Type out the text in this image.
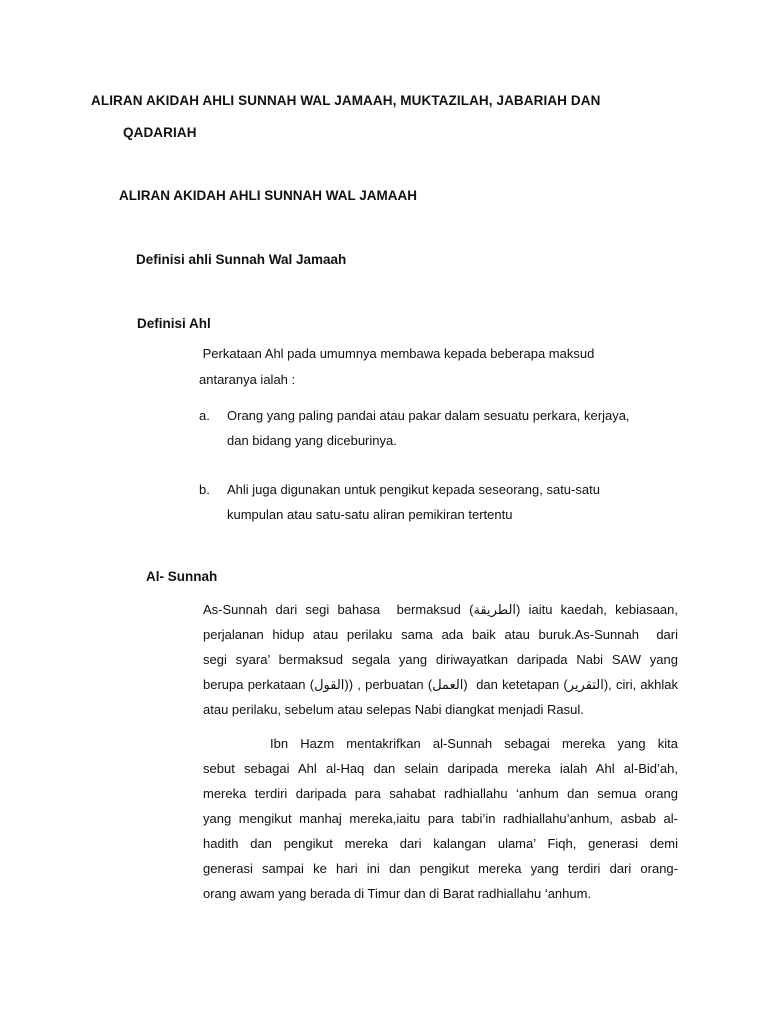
ALIRAN AKIDAH AHLI SUNNAH WAL JAMAAH, MUKTAZILAH, JABARIAH DAN
QADARIAH
ALIRAN AKIDAH AHLI SUNNAH WAL JAMAAH
Definisi ahli Sunnah Wal Jamaah
Definisi Ahl
Perkataan Ahl pada umumnya membawa kepada beberapa maksud
antaranya ialah :
a. Orang yang paling pandai atau pakar dalam sesuatu perkara, kerjaya,
dan bidang yang diceburinya.
b. Ahli juga digunakan untuk pengikut kepada seseorang, satu-satu
kumpulan atau satu-satu aliran pemikiran tertentu
Al- Sunnah
As-Sunnah dari segi bahasa  bermaksud (الطريقة) iaitu kaedah, kebiasaan,
perjalanan hidup atau perilaku sama ada baik atau buruk.As-Sunnah  dari
segi syara’ bermaksud segala yang diriwayatkan daripada Nabi SAW yang
berupa perkataan (القول)) , perbuatan (العمل)  dan ketetapan (التقرير), ciri, akhlak
atau perilaku, sebelum atau selepas Nabi diangkat menjadi Rasul.
Ibn Hazm mentakrifkan al-Sunnah sebagai mereka yang kita
sebut sebagai Ahl al-Haq dan selain daripada mereka ialah Ahl al-Bid’ah,
mereka terdiri daripada para sahabat radhiallahu ‘anhum dan semua orang
yang mengikut manhaj mereka,iaitu para tabi’in radhiallahu’anhum, asbab al-
hadith dan pengikut mereka dari kalangan ulama’ Fiqh, generasi demi
generasi sampai ke hari ini dan pengikut mereka yang terdiri dari orang-
orang awam yang berada di Timur dan di Barat radhiallahu ‘anhum.
